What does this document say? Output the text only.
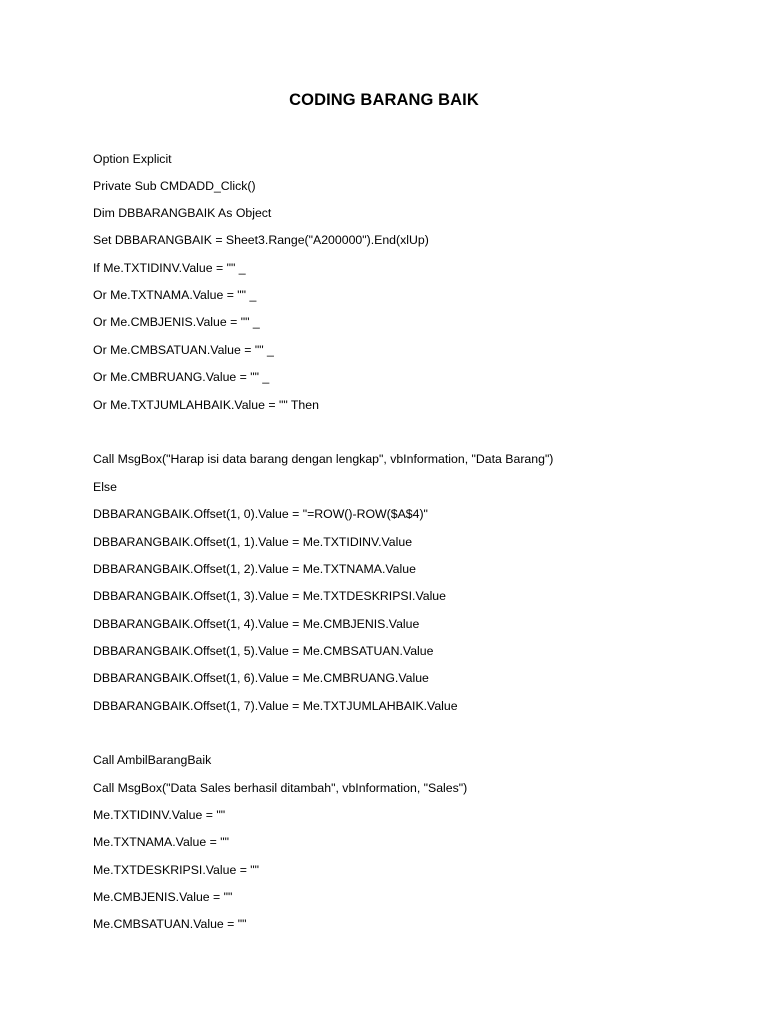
CODING BARANG BAIK
Option Explicit
Private Sub CMDADD_Click()
Dim DBBARANGBAIK As Object
Set DBBARANGBAIK = Sheet3.Range("A200000").End(xlUp)
If Me.TXTIDINV.Value = "" _
Or Me.TXTNAMA.Value = "" _
Or Me.CMBJENIS.Value = "" _
Or Me.CMBSATUAN.Value = "" _
Or Me.CMBRUANG.Value = "" _
Or Me.TXTJUMLAHBAIK.Value = "" Then
Call MsgBox("Harap isi data barang dengan lengkap", vbInformation, "Data Barang")
Else
DBBARANGBAIK.Offset(1, 0).Value = "=ROW()-ROW($A$4)"
DBBARANGBAIK.Offset(1, 1).Value = Me.TXTIDINV.Value
DBBARANGBAIK.Offset(1, 2).Value = Me.TXTNAMA.Value
DBBARANGBAIK.Offset(1, 3).Value = Me.TXTDESKRIPSI.Value
DBBARANGBAIK.Offset(1, 4).Value = Me.CMBJENIS.Value
DBBARANGBAIK.Offset(1, 5).Value = Me.CMBSATUAN.Value
DBBARANGBAIK.Offset(1, 6).Value = Me.CMBRUANG.Value
DBBARANGBAIK.Offset(1, 7).Value = Me.TXTJUMLAHBAIK.Value
Call AmbilBarangBaik
Call MsgBox("Data Sales berhasil ditambah", vbInformation, "Sales")
Me.TXTIDINV.Value = ""
Me.TXTNAMA.Value = ""
Me.TXTDESKRIPSI.Value = ""
Me.CMBJENIS.Value = ""
Me.CMBSATUAN.Value = ""
